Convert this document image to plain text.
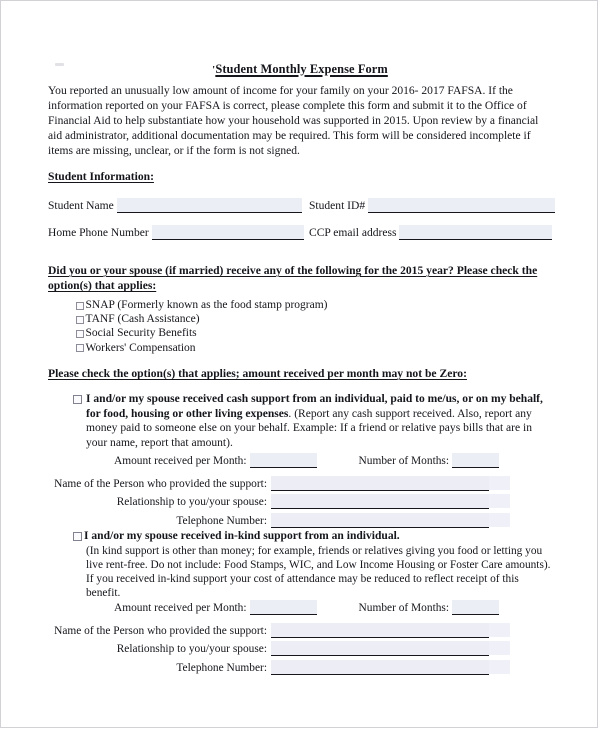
'Student Monthly Expense Form
You reported an unusually low amount of income for your family on your 2016- 2017 FAFSA. If the information reported on your FAFSA is correct, please complete this form and submit it to the Office of Financial Aid to help substantiate how your household was supported in 2015. Upon review by a financial aid administrator, additional documentation may be required. This form will be considered incomplete if items are missing, unclear, or if the form is not signed.
Student Information:
Student Name	Student ID#
Home Phone Number	CCP email address
Did you or your spouse (if married) receive any of the following for the 2015 year? Please check the option(s) that applies:
SNAP (Formerly known as the food stamp program)
TANF (Cash Assistance)
Social Security Benefits
Workers' Compensation
Please check the option(s) that applies; amount received per month may not be Zero:
I and/or my spouse received cash support from an individual, paid to me/us, or on my behalf, for food, housing or other living expenses. (Report any cash support received. Also, report any money paid to someone else on your behalf. Example: If a friend or relative pays bills that are in your name, report that amount).
Amount received per Month:	Number of Months:
Name of the Person who provided the support:
Relationship to you/your spouse:
Telephone Number:
I and/or my spouse received in-kind support from an individual.
(In kind support is other than money; for example, friends or relatives giving you food or letting you live rent-free. Do not include: Food Stamps, WIC, and Low Income Housing or Foster Care amounts). If you received in-kind support your cost of attendance may be reduced to reflect receipt of this benefit.
Amount received per Month:	Number of Months:
Name of the Person who provided the support:
Relationship to you/your spouse:
Telephone Number:
